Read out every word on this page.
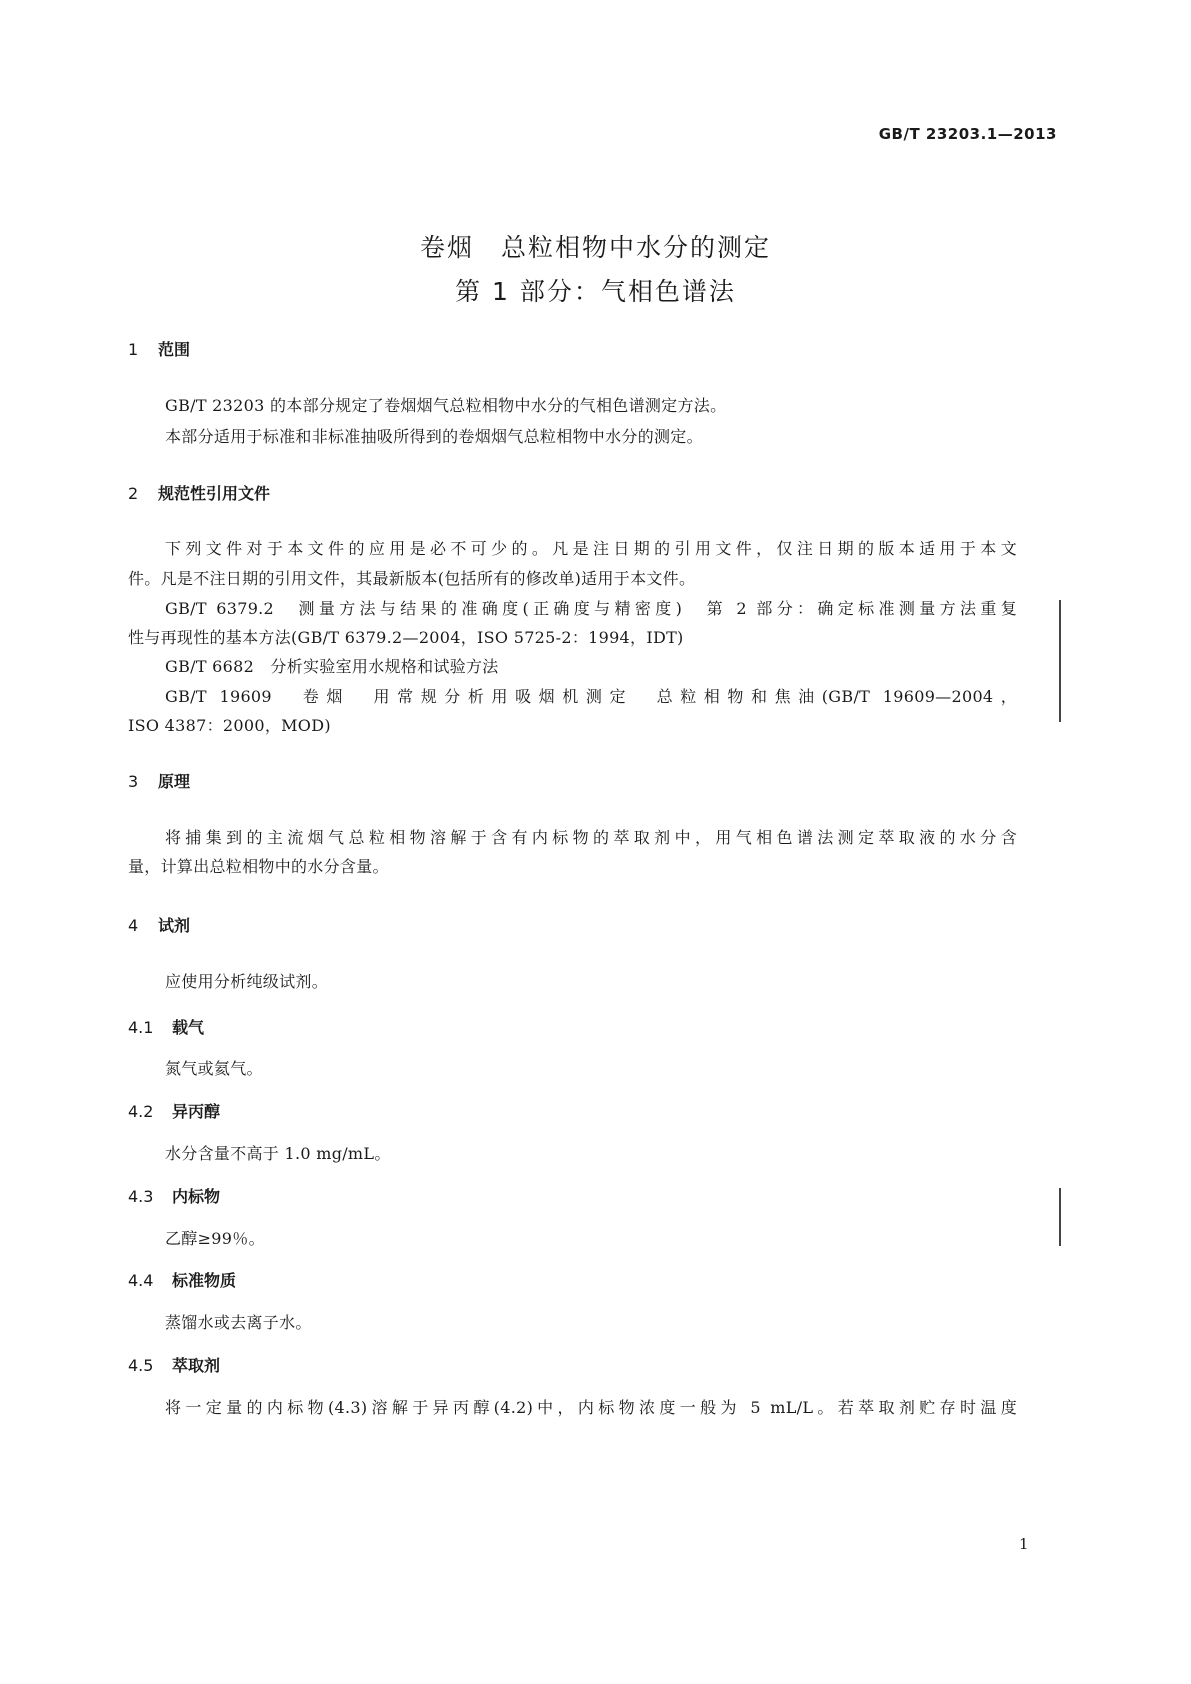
GB/T 23203.1—2013
卷烟　总粒相物中水分的测定
第 1 部分：气相色谱法
1 范围
GB/T 23203 的本部分规定了卷烟烟气总粒相物中水分的气相色谱测定方法。
本部分适用于标准和非标准抽吸所得到的卷烟烟气总粒相物中水分的测定。
2 规范性引用文件
下列文件对于本文件的应用是必不可少的。凡是注日期的引用文件，仅注日期的版本适用于本文
件。凡是不注日期的引用文件，其最新版本(包括所有的修改单)适用于本文件。
GB/T 6379.2　测量方法与结果的准确度(正确度与精密度)　第 2 部分：确定标准测量方法重复
性与再现性的基本方法(GB/T 6379.2—2004，ISO 5725-2：1994，IDT)
GB/T 6682　分析实验室用水规格和试验方法
GB/T 19609　卷烟　用常规分析用吸烟机测定　总粒相物和焦油(GB/T 19609—2004，
ISO 4387：2000，MOD)
3 原理
将捕集到的主流烟气总粒相物溶解于含有内标物的萃取剂中，用气相色谱法测定萃取液的水分含
量，计算出总粒相物中的水分含量。
4 试剂
应使用分析纯级试剂。
4.1 载气
氮气或氦气。
4.2 异丙醇
水分含量不高于 1.0 mg/mL。
4.3 内标物
乙醇≥99％。
4.4 标准物质
蒸馏水或去离子水。
4.5 萃取剂
将一定量的内标物(4.3)溶解于异丙醇(4.2)中，内标物浓度一般为 5 mL/L。若萃取剂贮存时温度
1
